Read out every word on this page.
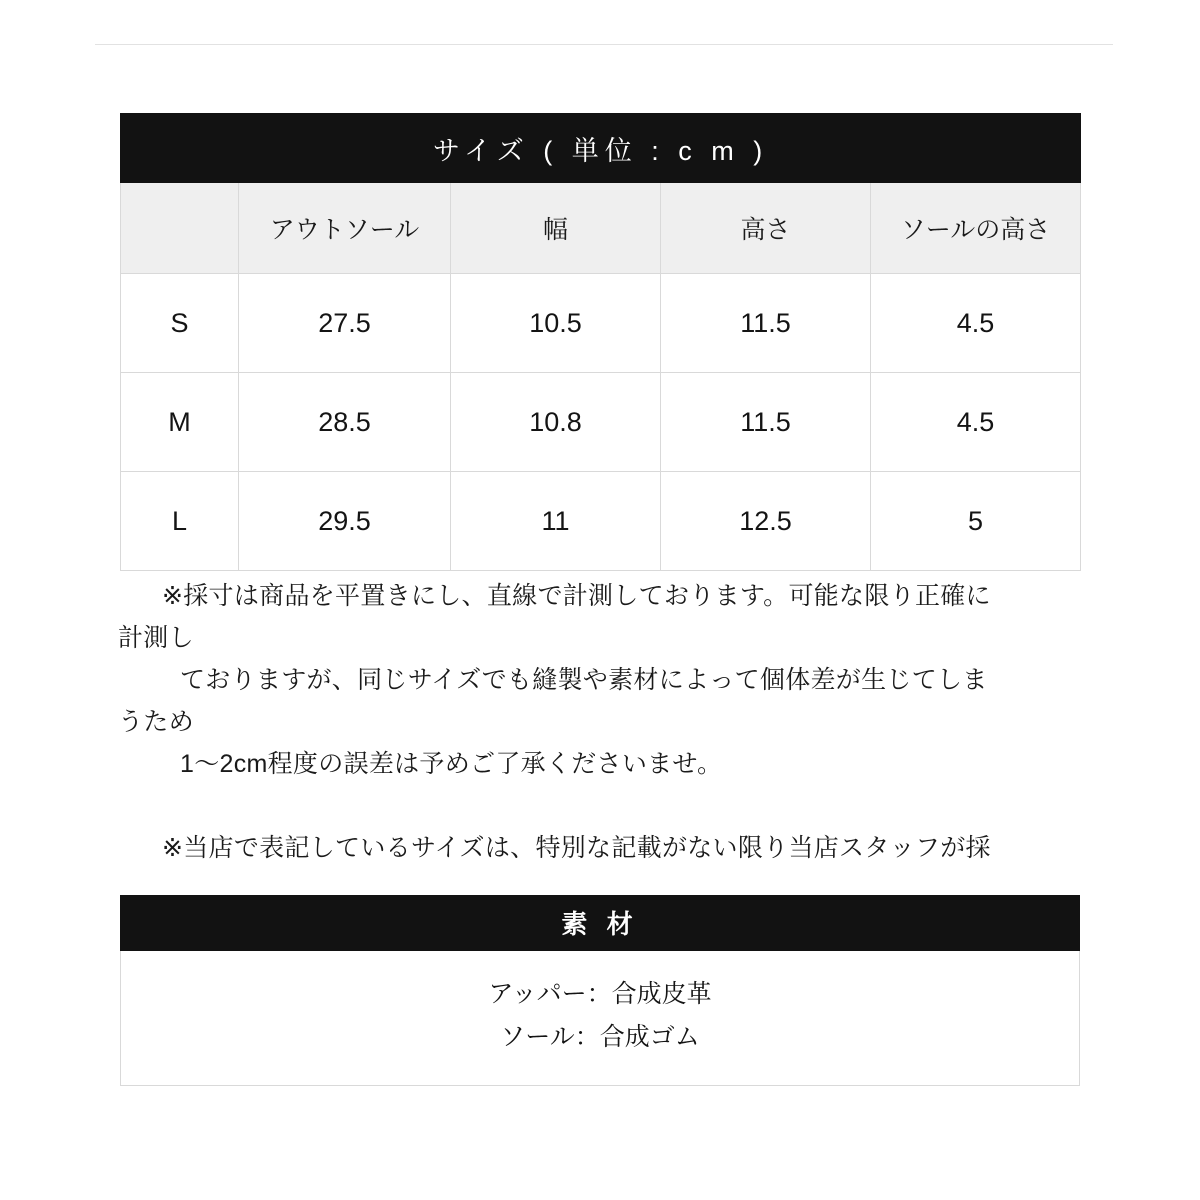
サイズ ( 単位 : c m )				
	アウトソール	幅	高さ	ソールの高さ
S	27.5	10.5	11.5	4.5
M	28.5	10.8	11.5	4.5
L	29.5	11	12.5	5

※採寸は商品を平置きにし、直線で計測しております。可能な限り正確に

計測し

ておりますが、同じサイズでも縫製や素材によって個体差が生じてしま

うため

1〜2cm程度の誤差は予めご了承くださいませ。

※当店で表記しているサイズは、特別な記載がない限り当店スタッフが採

素 材
アッパー：合成皮革
ソール：合成ゴム
